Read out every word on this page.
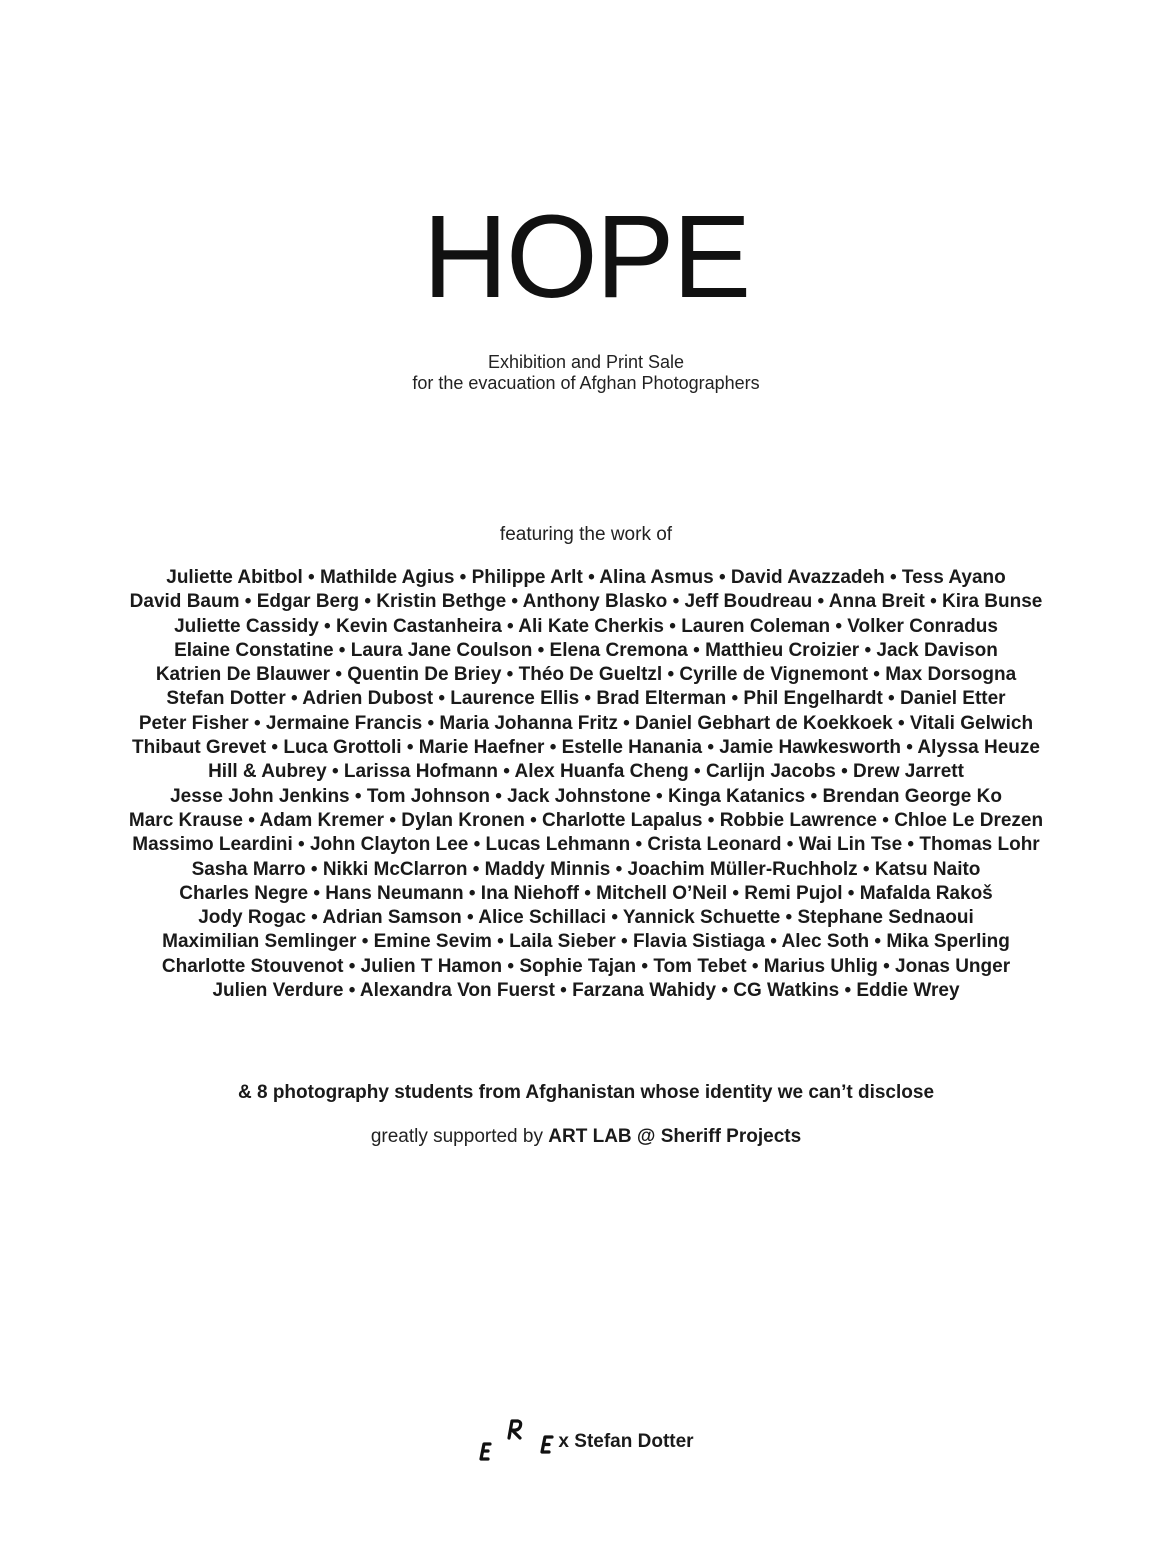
HOPE
Exhibition and Print Sale
for the evacuation of Afghan Photographers
featuring the work of
Juliette Abitbol • Mathilde Agius • Philippe Arlt • Alina Asmus • David Avazzadeh • Tess Ayano
David Baum • Edgar Berg • Kristin Bethge • Anthony Blasko • Jeff Boudreau • Anna Breit • Kira Bunse
Juliette Cassidy • Kevin Castanheira • Ali Kate Cherkis • Lauren Coleman • Volker Conradus
Elaine Constatine • Laura Jane Coulson • Elena Cremona • Matthieu Croizier • Jack Davison
Katrien De Blauwer • Quentin De Briey • Théo De Gueltzl • Cyrille de Vignemont • Max Dorsogna
Stefan Dotter • Adrien Dubost • Laurence Ellis • Brad Elterman • Phil Engelhardt • Daniel Etter
Peter Fisher • Jermaine Francis • Maria Johanna Fritz • Daniel Gebhart de Koekkoek • Vitali Gelwich
Thibaut Grevet • Luca Grottoli • Marie Haefner • Estelle Hanania • Jamie Hawkesworth • Alyssa Heuze
Hill & Aubrey • Larissa Hofmann • Alex Huanfa Cheng • Carlijn Jacobs • Drew Jarrett
Jesse John Jenkins • Tom Johnson • Jack Johnstone • Kinga Katanics • Brendan George Ko
Marc Krause • Adam Kremer • Dylan Kronen • Charlotte Lapalus • Robbie Lawrence • Chloe Le Drezen
Massimo Leardini • John Clayton Lee • Lucas Lehmann • Crista Leonard • Wai Lin Tse • Thomas Lohr
Sasha Marro • Nikki McClarron • Maddy Minnis • Joachim Müller-Ruchholz • Katsu Naito
Charles Negre • Hans Neumann • Ina Niehoff • Mitchell O’Neil • Remi Pujol • Mafalda Rakoš
Jody Rogac • Adrian Samson • Alice Schillaci • Yannick Schuette • Stephane Sednaoui
Maximilian Semlinger • Emine Sevim • Laila Sieber • Flavia Sistiaga • Alec Soth • Mika Sperling
Charlotte Stouvenot • Julien T Hamon • Sophie Tajan • Tom Tebet • Marius Uhlig • Jonas Unger
Julien Verdure • Alexandra Von Fuerst • Farzana Wahidy • CG Watkins • Eddie Wrey
& 8 photography students from Afghanistan whose identity we can’t disclose
greatly supported by ART LAB @ Sheriff Projects
x Stefan Dotter
